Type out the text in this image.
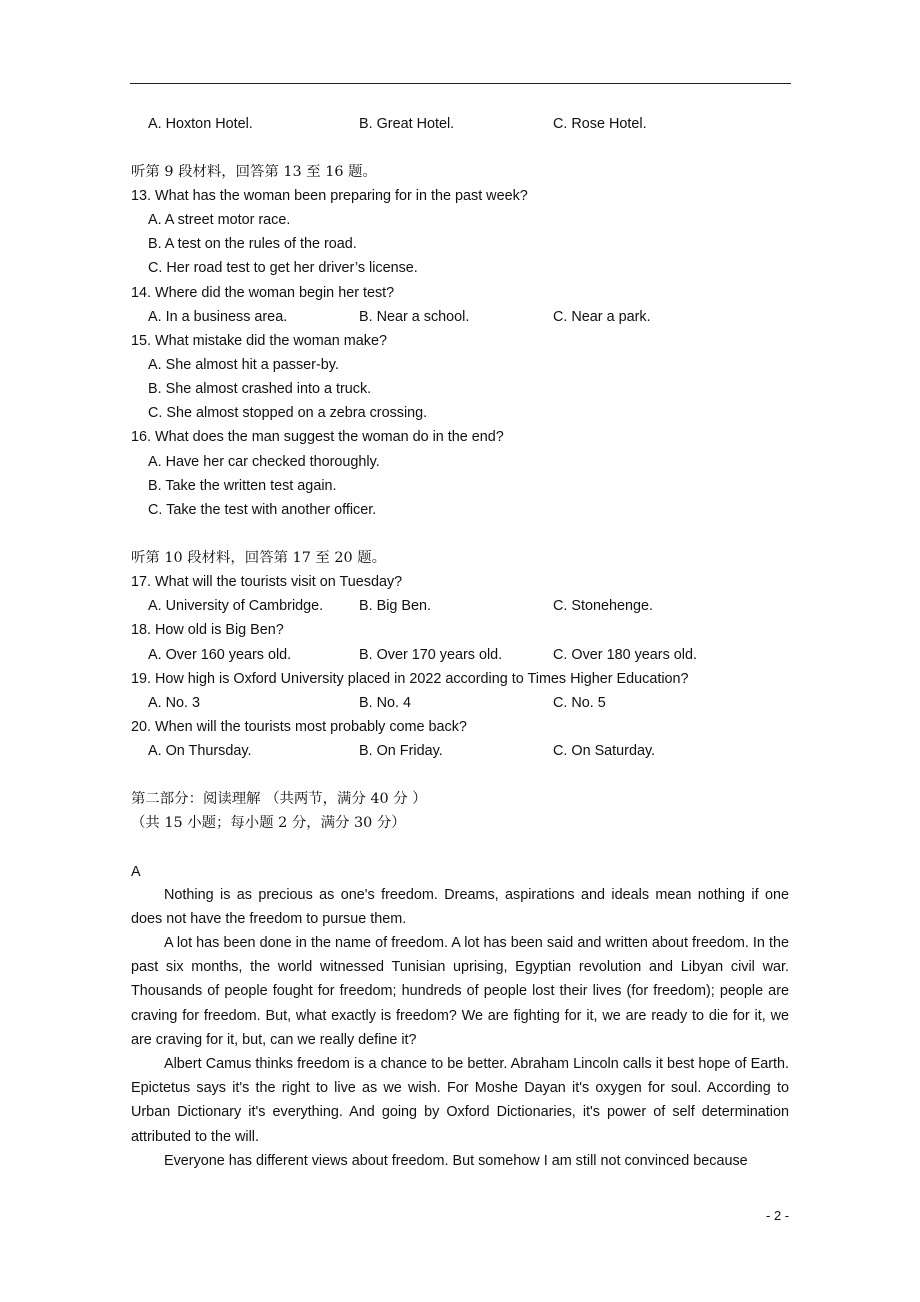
A. Hoxton Hotel.	B. Great Hotel.	C. Rose Hotel.
听第 9 段材料，回答第 13 至 16 题。
13. What has the woman been preparing for in the past week?
A. A street motor race.
B. A test on the rules of the road.
C. Her road test to get her driver’s license.
14. Where did the woman begin her test?
A. In a business area.	B. Near a school.	C. Near a park.
15. What mistake did the woman make?
A. She almost hit a passer-by.
B. She almost crashed into a truck.
C. She almost stopped on a zebra crossing.
16. What does the man suggest the woman do in the end?
A. Have her car checked thoroughly.
B. Take the written test again.
C. Take the test with another officer.
听第 10 段材料，回答第 17 至 20 题。
17. What will the tourists visit on Tuesday?
A. University of Cambridge. B. Big Ben.	C. Stonehenge.
18. How old is Big Ben?
A. Over 160 years old.	B. Over 170 years old.	C. Over 180 years old.
19. How high is Oxford University placed in 2022 according to Times Higher Education?
A. No. 3	B. No. 4	C. No. 5
20. When will the tourists most probably come back?
A. On Thursday.	B. On Friday.	C. On Saturday.
第二部分：阅读理解 （共两节，满分 40 分 ）
（共 15 小题；每小题 2 分，满分 30 分）
A

Nothing is as precious as one's freedom. Dreams, aspirations and ideals mean nothing if one does not have the freedom to pursue them.

A lot has been done in the name of freedom. A lot has been said and written about freedom. In the past six months, the world witnessed Tunisian uprising, Egyptian revolution and Libyan civil war. Thousands of people fought for freedom; hundreds of people lost their lives (for freedom); people are craving for freedom. But, what exactly is freedom? We are fighting for it, we are ready to die for it, we are craving for it, but, can we really define it?

Albert Camus thinks freedom is a chance to be better. Abraham Lincoln calls it best hope of Earth. Epictetus says it's the right to live as we wish. For Moshe Dayan it's oxygen for soul. According to Urban Dictionary it's everything. And going by Oxford Dictionaries, it's power of self determination attributed to the will.

Everyone has different views about freedom. But somehow I am still not convinced because

- 2 -
